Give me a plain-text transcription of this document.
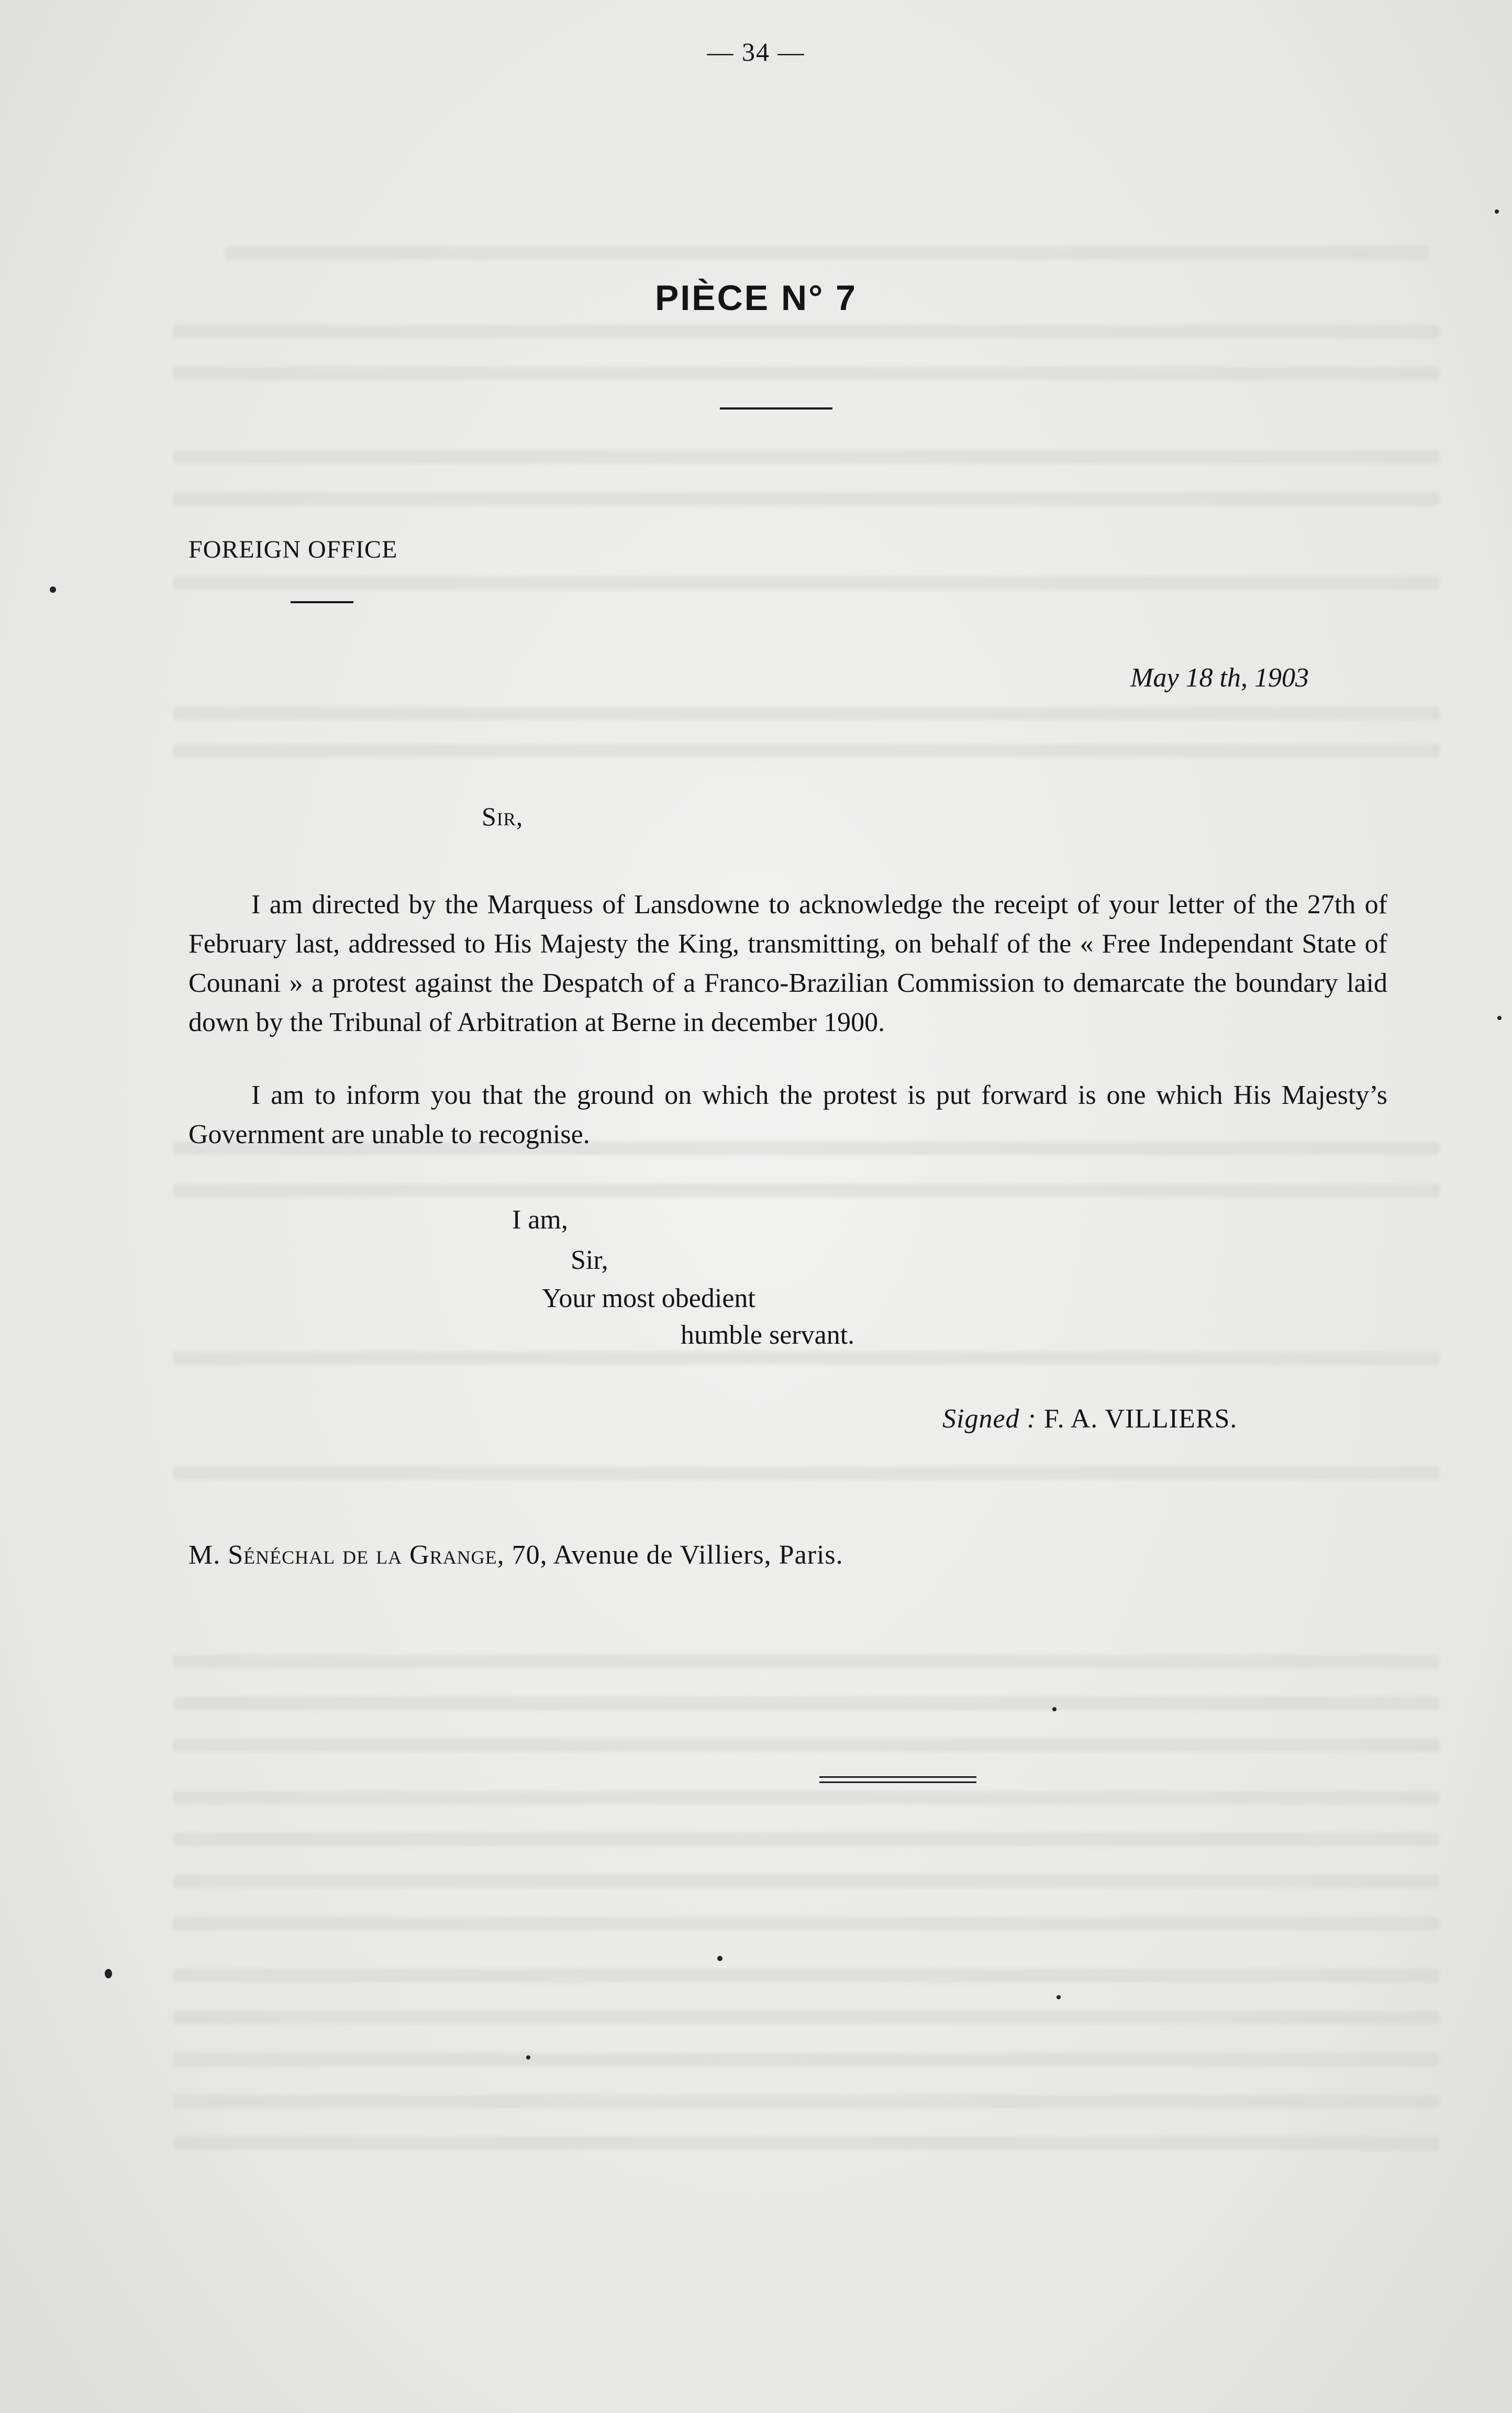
— 34 —
PIÈCE N° 7
FOREIGN OFFICE
May 18 th, 1903
Sir,
I am directed by the Marquess of Lansdowne to acknowledge the receipt of your letter of the 27th of February last, addressed to His Majesty the King, transmitting, on behalf of the « Free Independant State of Counani » a protest against the Despatch of a Franco-Brazilian Commission to demarcate the boundary laid down by the Tribunal of Arbitration at Berne in december 1900.
I am to inform you that the ground on which the protest is put forward is one which His Majesty’s Government are unable to recognise.
I am,
Sir,
Your most obedient
humble servant.
Signed : F. A. VILLIERS.
M. Sénéchal de la Grange, 70, Avenue de Villiers, Paris.
